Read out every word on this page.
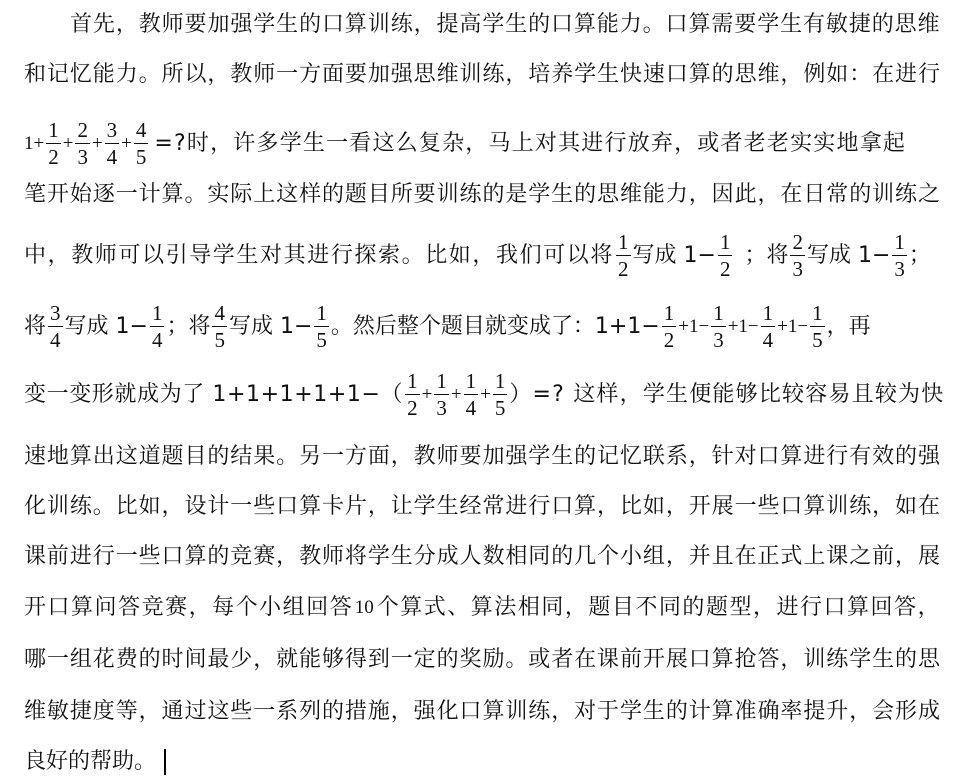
首 先 ， 教 师 要 加 强 学 生 的 口 算 训 练 ， 提 高 学 生 的 口 算 能 力 。 口 算 需 要 学 生 有 敏 捷 的 思 维
和 记 忆 能 力 。 所 以 ， 教 师 一 方 面 要 加 强 思 维 训 练 ， 培 养 学 生 快 速 口 算 的 思 维 ， 例 如 ： 在 进 行
$1+ \frac{1}{2} + \frac{2}{3} + \frac{3}{4} + \frac{4}{5}$ =?时，许多学生一看这么复杂，马上对其进行放弃，或者老老实实地拿起
笔 开 始 逐 一 计 算 。 实 际 上 这 样 的 题 目 所 要 训 练 的 是 学 生 的 思 维 能 力 ， 因 此 ， 在 日 常 的 训 练 之
中，教师可以引导学生对其进行探索。比如，我们可以将 $\frac{1}{2}$ 写成 $1- \frac{1}{2}$ ；将 $\frac{2}{3}$ 写成 $1- \frac{1}{3}$ ；
将 $\frac{3}{4}$ 写成 $1- \frac{1}{4}$ ；将 $\frac{4}{5}$ 写成 $1- \frac{1}{5}$ 。然后整个题目就变成了：$1+1- \frac{1}{2} +1- \frac{1}{3} +1- \frac{1}{4} +1- \frac{1}{5}$ ，再
变一变形就成为了 $1+1+1+1+1-( \frac{1}{2} + \frac{1}{3} + \frac{1}{4} + \frac{1}{5}$ ）=? 这样，学生便能够比较容易且较为快
速 地 算 出 这 道 题 目 的 结 果 。 另 一 方 面 ， 教 师 要 加 强 学 生 的 记 忆 联 系 ， 针 对 口 算 进 行 有 效 的 强
化 训 练 。 比 如 ， 设 计 一 些 口 算 卡 片 ， 让 学 生 经 常 进 行 口 算 ， 比 如 ， 开 展 一 些 口 算 训 练 ， 如 在
课 前 进 行 一 些 口 算 的 竞 赛 ， 教 师 将 学 生 分 成 人 数 相 同 的 几 个 小 组 ， 并 且 在 正 式 上 课 之 前 ， 展
开 口 算 问 答 竞 赛 ， 每 个 小 组 回 答 10 个 算 式 、 算 法 相 同 ， 题 目 不 同 的 题 型 ， 进 行 口 算 回 答 ，
哪 一 组 花 费 的 时 间 最 少 ， 就 能 够 得 到 一 定 的 奖 励 。 或 者 在 课 前 开 展 口 算 抢 答 ， 训 练 学 生 的 思
维 敏 捷 度 等 ， 通 过 这 些 一 系 列 的 措 施 ， 强 化 口 算 训 练 ， 对 于 学 生 的 计 算 准 确 率 提 升 ， 会 形 成
良好的帮助。
